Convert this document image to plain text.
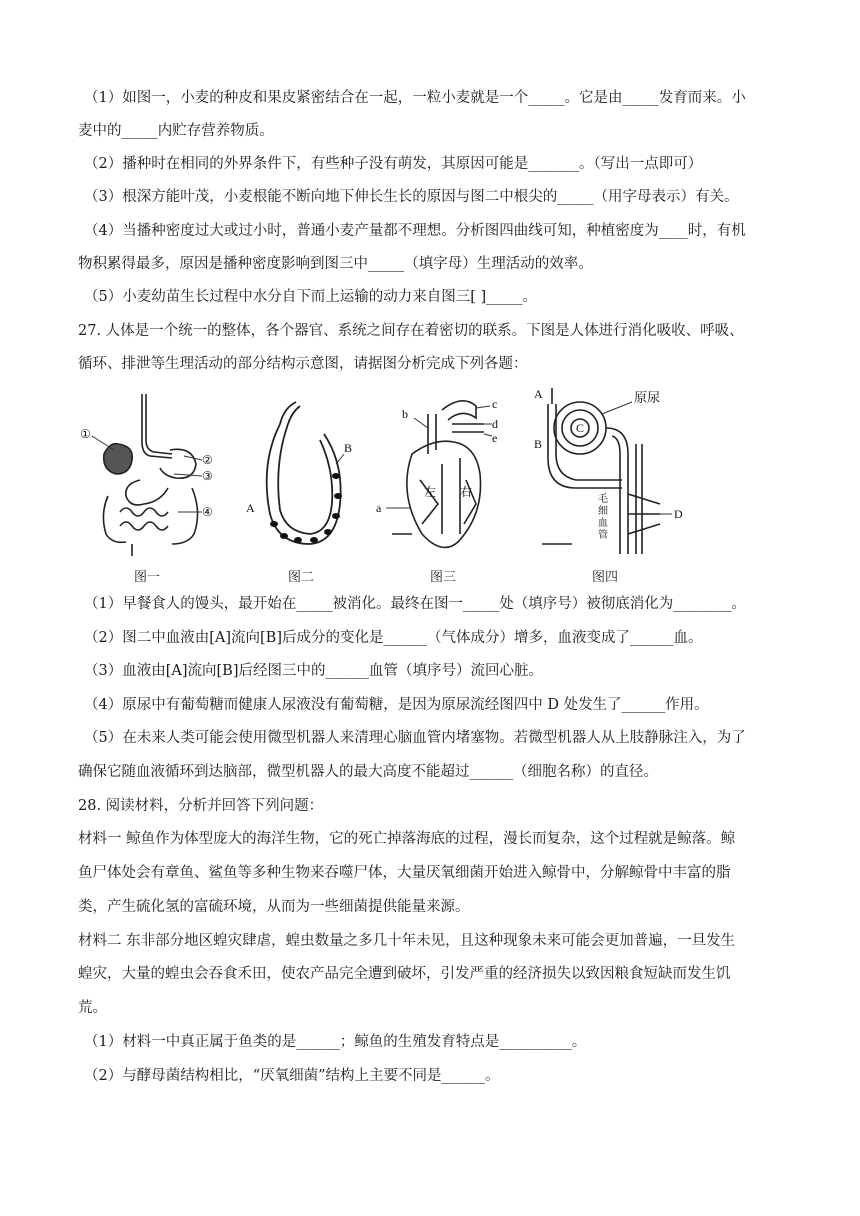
（1）如图一，小麦的种皮和果皮紧密结合在一起，一粒小麦就是一个_____。它是由_____发育而来。小
麦中的_____内贮存营养物质。
（2）播种时在相同的外界条件下，有些种子没有萌发，其原因可能是_______。（写出一点即可）
（3）根深方能叶茂，小麦根能不断向地下伸长生长的原因与图二中根尖的_____（用字母表示）有关。
（4）当播种密度过大或过小时，普通小麦产量都不理想。分析图四曲线可知，种植密度为____时，有机
物积累得最多，原因是播种密度影响到图三中_____（填字母）生理活动的效率。
（5）小麦幼苗生长过程中水分自下而上运输的动力来自图三[ ]_____。
27. 人体是一个统一的整体，各个器官、系统之间存在着密切的联系。下图是人体进行消化吸收、呼吸、
循环、排泄等生理活动的部分结构示意图，请据图分析完成下列各题：
①
②
③
④
图一
A
B
图二
b
c
d
e
a
左 右
图三
A
B
C
D
原尿
毛
细
血
管
图四
（1）早餐食人的馒头，最开始在_____被消化。最终在图一_____处（填序号）被彻底消化为________。
（2）图二中血液由[A]流向[B]后成分的变化是______（气体成分）增多，血液变成了______血。
（3）血液由[A]流向[B]后经图三中的______血管（填序号）流回心脏。
（4）原尿中有葡萄糖而健康人尿液没有葡萄糖，是因为原尿流经图四中 D 处发生了______作用。
（5）在未来人类可能会使用微型机器人来清理心脑血管内堵塞物。若微型机器人从上肢静脉注入，为了
确保它随血液循环到达脑部，微型机器人的最大高度不能超过______（细胞名称）的直径。
28. 阅读材料，分析并回答下列问题：
材料一 鲸鱼作为体型庞大的海洋生物，它的死亡掉落海底的过程，漫长而复杂，这个过程就是鲸落。鲸
鱼尸体处会有章鱼、鲨鱼等多种生物来吞噬尸体，大量厌氧细菌开始进入鲸骨中，分解鲸骨中丰富的脂
类，产生硫化氢的富硫环境，从而为一些细菌提供能量来源。
材料二 东非部分地区蝗灾肆虐，蝗虫数量之多几十年未见，且这种现象未来可能会更加普遍，一旦发生
蝗灾，大量的蝗虫会吞食禾田，使农产品完全遭到破坏，引发严重的经济损失以致因粮食短缺而发生饥
荒。
（1）材料一中真正属于鱼类的是______；鲸鱼的生殖发育特点是__________。
（2）与酵母菌结构相比，“厌氧细菌”结构上主要不同是______。
